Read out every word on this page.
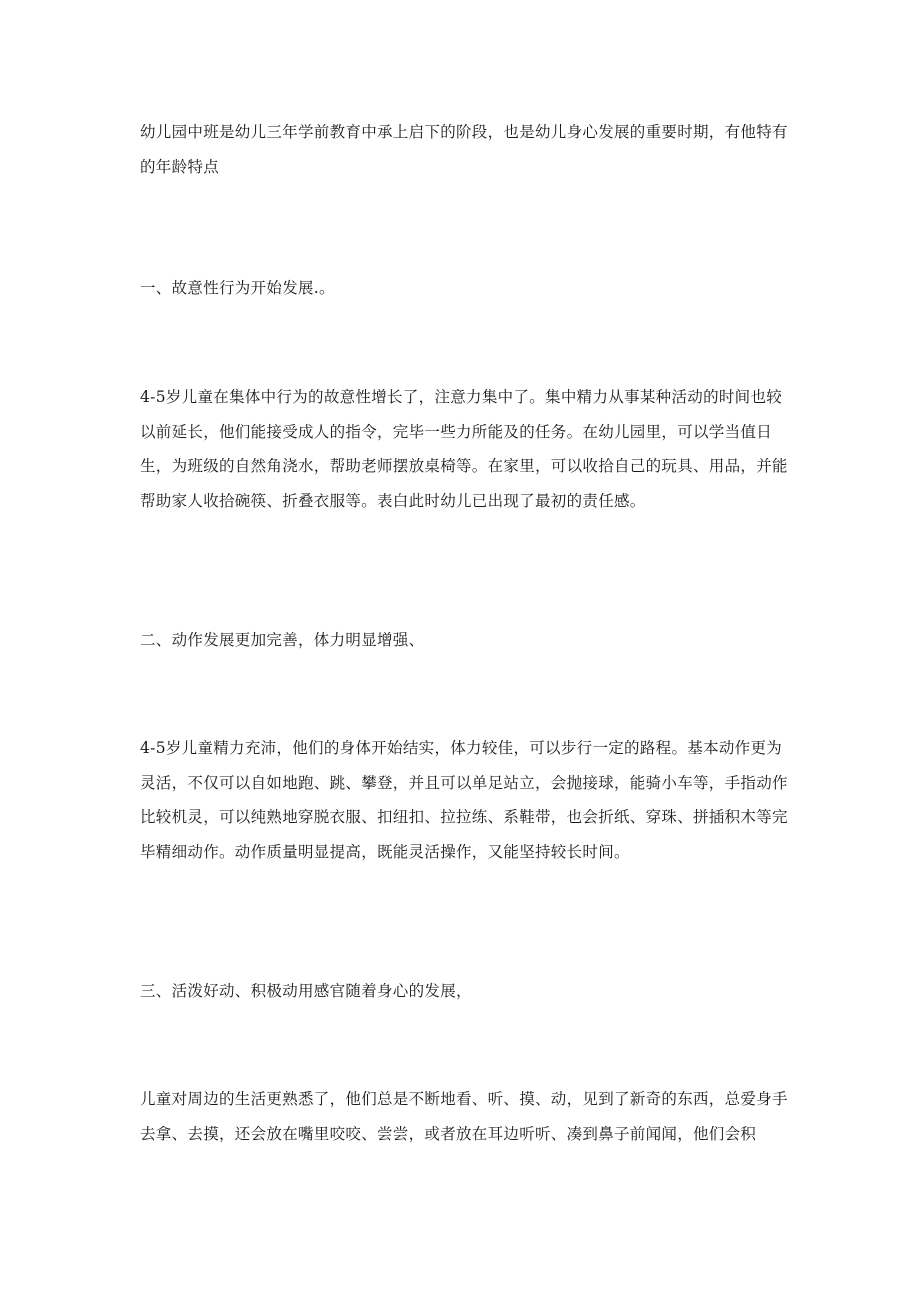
幼儿园中班是幼儿三年学前教育中承上启下的阶段，也是幼儿身心发展的重要时期，有他特有的年龄特点

一、故意性行为开始发展.。

4-5岁儿童在集体中行为的故意性增长了，注意力集中了。集中精力从事某种活动的时间也较以前延长，他们能接受成人的指令，完毕一些力所能及的任务。在幼儿园里，可以学当值日生，为班级的自然角浇水，帮助老师摆放桌椅等。在家里，可以收拾自己的玩具、用品，并能帮助家人收拾碗筷、折叠衣服等。表白此时幼儿已出现了最初的责任感。

二、动作发展更加完善，体力明显增强、

4-5岁儿童精力充沛，他们的身体开始结实，体力较佳，可以步行一定的路程。基本动作更为灵活，不仅可以自如地跑、跳、攀登，并且可以单足站立，会抛接球，能骑小车等，手指动作比较机灵，可以纯熟地穿脱衣服、扣纽扣、拉拉练、系鞋带，也会折纸、穿珠、拼插积木等完毕精细动作。动作质量明显提高，既能灵活操作，又能坚持较长时间。

三、活泼好动、积极动用感官随着身心的发展，

儿童对周边的生活更熟悉了，他们总是不断地看、听、摸、动，见到了新奇的东西，总爱身手去拿、去摸，还会放在嘴里咬咬、尝尝，或者放在耳边听听、凑到鼻子前闻闻，他们会积
